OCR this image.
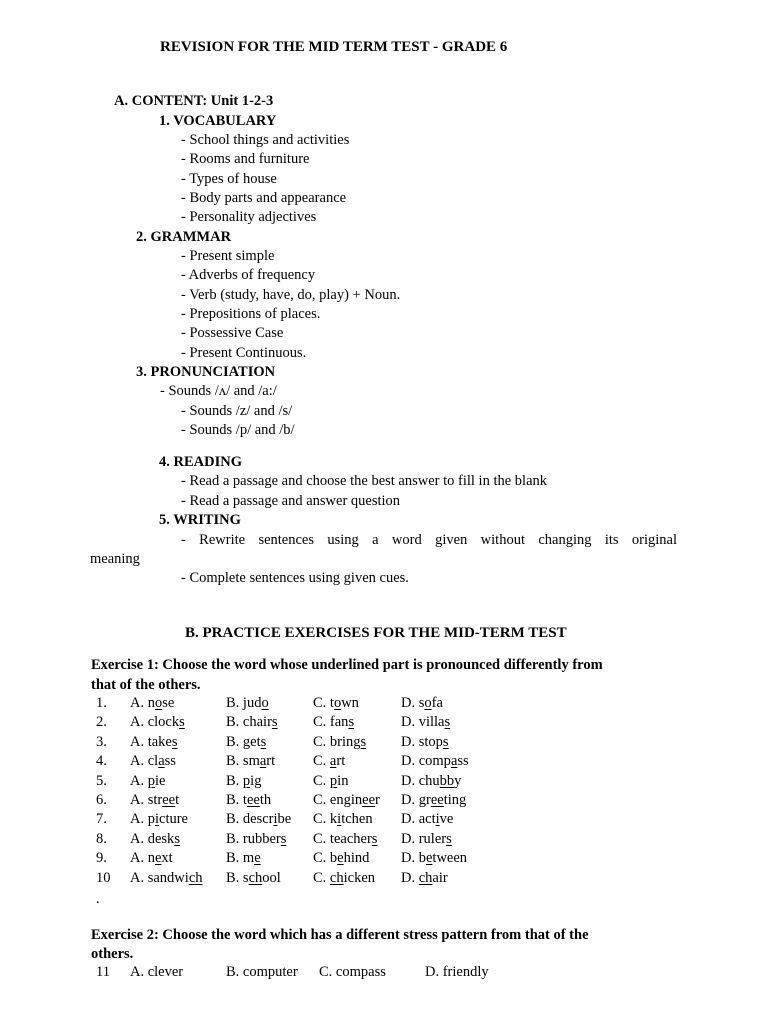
REVISION FOR THE MID TERM TEST - GRADE 6
A. CONTENT: Unit 1-2-3
1. VOCABULARY
- School things and activities
- Rooms and furniture
- Types of house
- Body parts and appearance
- Personality adjectives
2. GRAMMAR
- Present simple
- Adverbs of frequency
- Verb (study, have, do, play) + Noun.
- Prepositions of places.
- Possessive Case
- Present Continuous.
3. PRONUNCIATION
- Sounds /ʌ/ and /a:/
- Sounds /z/ and /s/
- Sounds /p/ and /b/
4. READING
- Read a passage and choose the best answer to fill in the blank
- Read a passage and answer question
5. WRITING
- Rewrite sentences using a word given without changing its original
meaning
- Complete sentences using given cues.
B. PRACTICE EXERCISES FOR THE MID-TERM TEST
Exercise 1: Choose the word whose underlined part is pronounced differently from
that of the others.
1. A. nose	B. judo	C. town	D. sofa
2. A. clocks	B. chairs C. fans	D. villas
3. A. takes	B. gets	C. brings D. stops
4. A. class	B. smart	C. art	D. compass
5. A. pie	B. pig	C. pin	D. chubby
6. A. street	B. teeth	C. engineer D. greeting
7. A. picture	B. describe C. kitchen D. active
8. A. desks	B. rubbers C. teachers D. rulers
9. A. next	B. me	C. behind D. between
10 A. sandwich B. school C. chicken D. chair
.
Exercise 2: Choose the word which has a different stress pattern from that of the
others.
11 A. clever	B. computer C. compass	D. friendly
